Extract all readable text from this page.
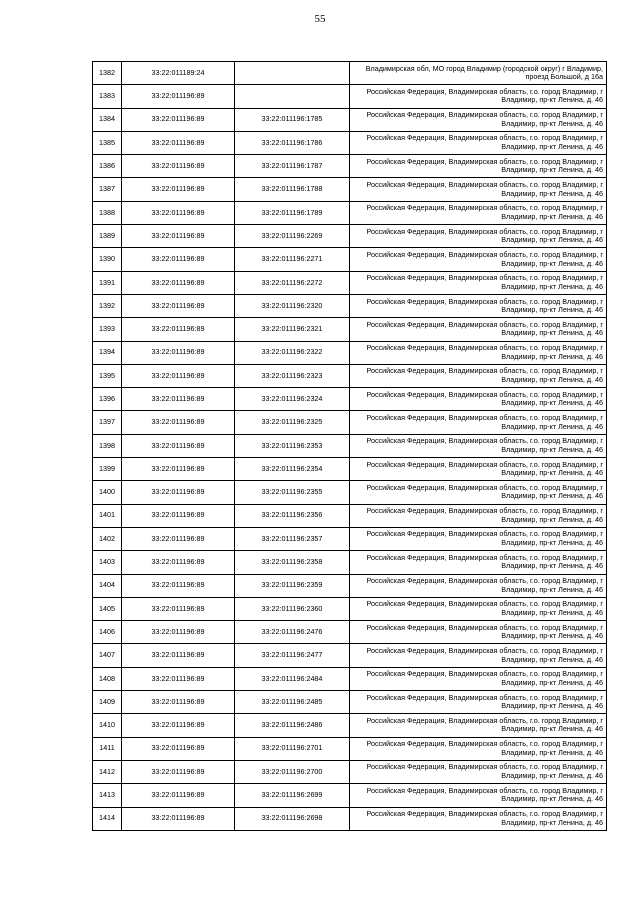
55
1382	33:22:011189:24		Владимирская обл, МО город Владимир (городской округ) г Владимир, проезд Большой, д 16а
1383	33:22:011196:89		Российская Федерация, Владимирская область, г.о. город Владимир, г Владимир, пр-кт Ленина, д. 46
1384	33:22:011196:89	33:22:011196:1785	Российская Федерация, Владимирская область, г.о. город Владимир, г Владимир, пр-кт Ленина, д. 46
1385	33:22:011196:89	33:22:011196:1786	Российская Федерация, Владимирская область, г.о. город Владимир, г Владимир, пр-кт Ленина, д. 46
1386	33:22:011196:89	33:22:011196:1787	Российская Федерация, Владимирская область, г.о. город Владимир, г Владимир, пр-кт Ленина, д. 46
1387	33:22:011196:89	33:22:011196:1788	Российская Федерация, Владимирская область, г.о. город Владимир, г Владимир, пр-кт Ленина, д. 46
1388	33:22:011196:89	33:22:011196:1789	Российская Федерация, Владимирская область, г.о. город Владимир, г Владимир, пр-кт Ленина, д. 46
1389	33:22:011196:89	33:22:011196:2269	Российская Федерация, Владимирская область, г.о. город Владимир, г Владимир, пр-кт Ленина, д. 46
1390	33:22:011196:89	33:22:011196:2271	Российская Федерация, Владимирская область, г.о. город Владимир, г Владимир, пр-кт Ленина, д. 46
1391	33:22:011196:89	33:22:011196:2272	Российская Федерация, Владимирская область, г.о. город Владимир, г Владимир, пр-кт Ленина, д. 46
1392	33:22:011196:89	33:22:011196:2320	Российская Федерация, Владимирская область, г.о. город Владимир, г Владимир, пр-кт Ленина, д. 46
1393	33:22:011196:89	33:22:011196:2321	Российская Федерация, Владимирская область, г.о. город Владимир, г Владимир, пр-кт Ленина, д. 46
1394	33:22:011196:89	33:22:011196:2322	Российская Федерация, Владимирская область, г.о. город Владимир, г Владимир, пр-кт Ленина, д. 46
1395	33:22:011196:89	33:22:011196:2323	Российская Федерация, Владимирская область, г.о. город Владимир, г Владимир, пр-кт Ленина, д. 46
1396	33:22:011196:89	33:22:011196:2324	Российская Федерация, Владимирская область, г.о. город Владимир, г Владимир, пр-кт Ленина, д. 46
1397	33:22:011196:89	33:22:011196:2325	Российская Федерация, Владимирская область, г.о. город Владимир, г Владимир, пр-кт Ленина, д. 46
1398	33:22:011196:89	33:22:011196:2353	Российская Федерация, Владимирская область, г.о. город Владимир, г Владимир, пр-кт Ленина, д. 46
1399	33:22:011196:89	33:22:011196:2354	Российская Федерация, Владимирская область, г.о. город Владимир, г Владимир, пр-кт Ленина, д. 46
1400	33:22:011196:89	33:22:011196:2355	Российская Федерация, Владимирская область, г.о. город Владимир, г Владимир, пр-кт Ленина, д. 46
1401	33:22:011196:89	33:22:011196:2356	Российская Федерация, Владимирская область, г.о. город Владимир, г Владимир, пр-кт Ленина, д. 46
1402	33:22:011196:89	33:22:011196:2357	Российская Федерация, Владимирская область, г.о. город Владимир, г Владимир, пр-кт Ленина, д. 46
1403	33:22:011196:89	33:22:011196:2358	Российская Федерация, Владимирская область, г.о. город Владимир, г Владимир, пр-кт Ленина, д. 46
1404	33:22:011196:89	33:22:011196:2359	Российская Федерация, Владимирская область, г.о. город Владимир, г Владимир, пр-кт Ленина, д. 46
1405	33:22:011196:89	33:22:011196:2360	Российская Федерация, Владимирская область, г.о. город Владимир, г Владимир, пр-кт Ленина, д. 46
1406	33:22:011196:89	33:22:011196:2476	Российская Федерация, Владимирская область, г.о. город Владимир, г Владимир, пр-кт Ленина, д. 46
1407	33:22:011196:89	33:22:011196:2477	Российская Федерация, Владимирская область, г.о. город Владимир, г Владимир, пр-кт Ленина, д. 46
1408	33:22:011196:89	33:22:011196:2484	Российская Федерация, Владимирская область, г.о. город Владимир, г Владимир, пр-кт Ленина, д. 46
1409	33:22:011196:89	33:22:011196:2485	Российская Федерация, Владимирская область, г.о. город Владимир, г Владимир, пр-кт Ленина, д. 46
1410	33:22:011196:89	33:22:011196:2486	Российская Федерация, Владимирская область, г.о. город Владимир, г Владимир, пр-кт Ленина, д. 46
1411	33:22:011196:89	33:22:011196:2701	Российская Федерация, Владимирская область, г.о. город Владимир, г Владимир, пр-кт Ленина, д. 46
1412	33:22:011196:89	33:22:011196:2700	Российская Федерация, Владимирская область, г.о. город Владимир, г Владимир, пр-кт Ленина, д. 46
1413	33:22:011196:89	33:22:011196:2699	Российская Федерация, Владимирская область, г.о. город Владимир, г Владимир, пр-кт Ленина, д. 46
1414	33:22:011196:89	33:22:011196:2698	Российская Федерация, Владимирская область, г.о. город Владимир, г Владимир, пр-кт Ленина, д. 46
